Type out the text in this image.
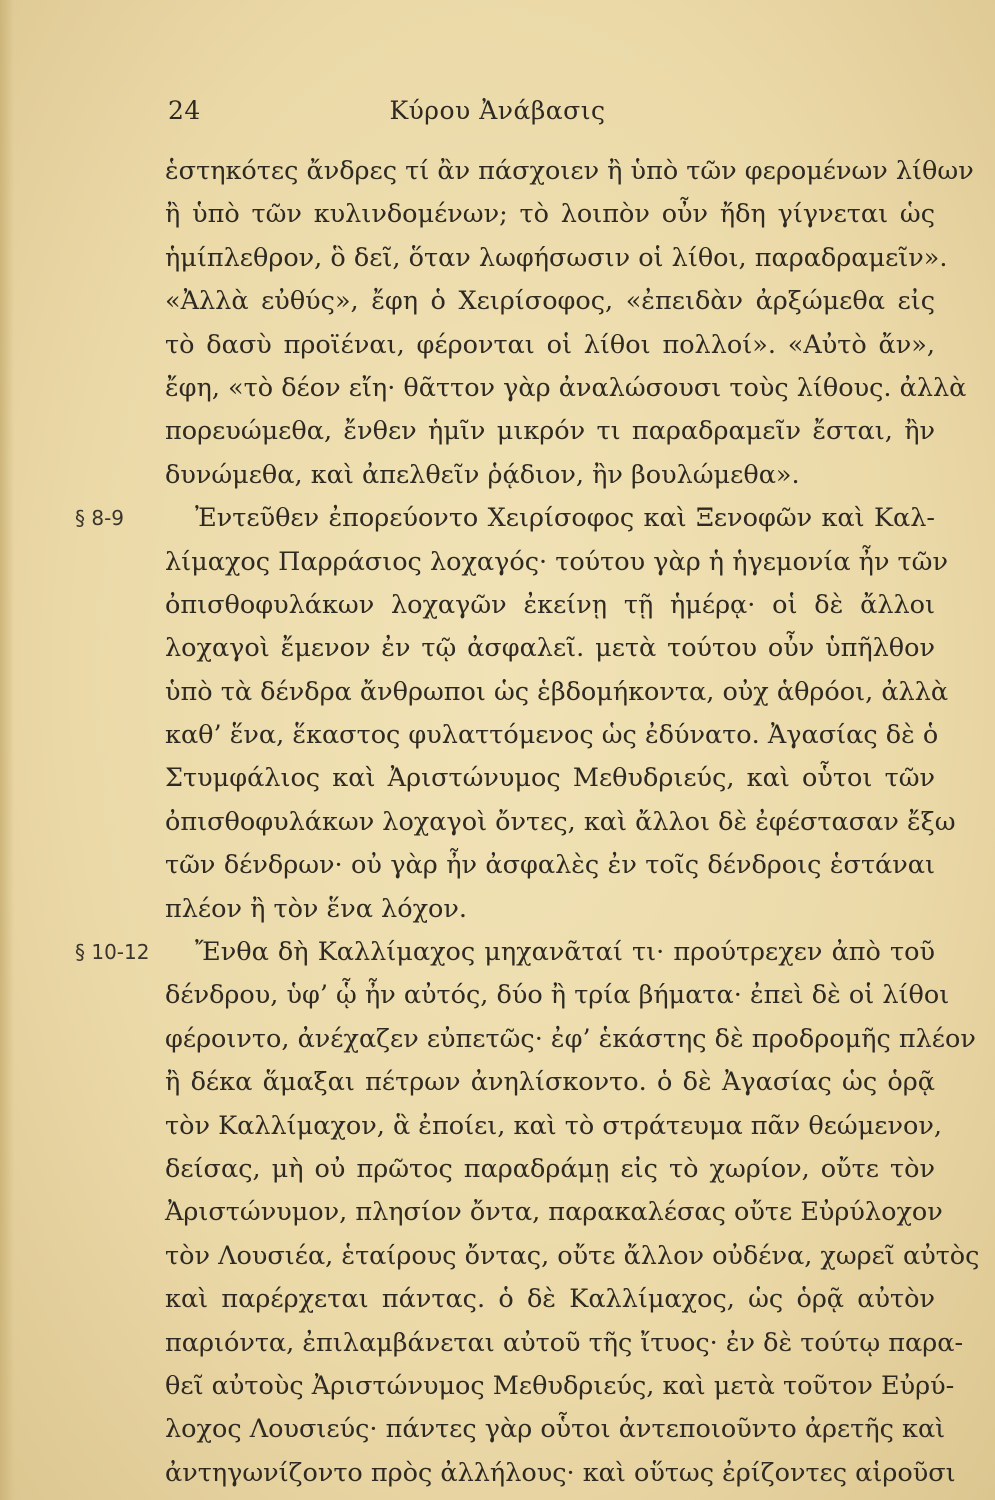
24	Κύρου Ἀνάβασις
ἑστηκότες ἄνδρες τί ἂν πάσχοιεν ἢ ὑπὸ τῶν φερομένων λίθων
ἢ ὑπὸ τῶν κυλινδομένων; τὸ λοιπὸν οὖν ἤδη γίγνεται ὡς
ἡμίπλεθρον, ὃ δεῖ, ὅταν λωφήσωσιν οἱ λίθοι, παραδραμεῖν».
«Ἀλλὰ εὐθύς», ἔφη ὁ Χειρίσοφος, «ἐπειδὰν ἀρξώμεθα εἰς
τὸ δασὺ προϊέναι, φέρονται οἱ λίθοι πολλοί». «Αὐτὸ ἄν»,
ἔφη, «τὸ δέον εἴη· θᾶττον γὰρ ἀναλώσουσι τοὺς λίθους. ἀλλὰ
πορευώμεθα, ἔνθεν ἡμῖν μικρόν τι παραδραμεῖν ἔσται, ἢν
δυνώμεθα, καὶ ἀπελθεῖν ῥᾴδιον, ἢν βουλώμεθα».
§ 8-9	Ἐντεῦθεν ἐπορεύοντο Χειρίσοφος καὶ Ξενοφῶν καὶ Καλ-
λίμαχος Παρράσιος λοχαγός· τούτου γὰρ ἡ ἡγεμονία ἦν τῶν
ὀπισθοφυλάκων λοχαγῶν ἐκείνῃ τῇ ἡμέρᾳ· οἱ δὲ ἄλλοι
λοχαγοὶ ἔμενον ἐν τῷ ἀσφαλεῖ. μετὰ τούτου οὖν ὑπῆλθον
ὑπὸ τὰ δένδρα ἄνθρωποι ὡς ἑβδομήκοντα, οὐχ ἁθρόοι, ἀλλὰ
καθ’ ἕνα, ἕκαστος φυλαττόμενος ὡς ἐδύνατο. Ἀγασίας δὲ ὁ
Στυμφάλιος καὶ Ἀριστώνυμος Μεθυδριεύς, καὶ οὗτοι τῶν
ὀπισθοφυλάκων λοχαγοὶ ὄντες, καὶ ἄλλοι δὲ ἐφέστασαν ἔξω
τῶν δένδρων· οὐ γὰρ ἦν ἀσφαλὲς ἐν τοῖς δένδροις ἑστάναι
πλέον ἢ τὸν ἕνα λόχον.
§ 10-12 Ἔνθα δὴ Καλλίμαχος μηχανᾶταί τι· προύτρεχεν ἀπὸ τοῦ
δένδρου, ὑφ’ ᾧ ἦν αὐτός, δύο ἢ τρία βήματα· ἐπεὶ δὲ οἱ λίθοι
φέροιντο, ἀνέχαζεν εὐπετῶς· ἐφ’ ἑκάστης δὲ προδρομῆς πλέον
ἢ δέκα ἅμαξαι πέτρων ἀνηλίσκοντο. ὁ δὲ Ἀγασίας ὡς ὁρᾷ
τὸν Καλλίμαχον, ἃ ἐποίει, καὶ τὸ στράτευμα πᾶν θεώμενον,
δείσας, μὴ οὐ πρῶτος παραδράμῃ εἰς τὸ χωρίον, οὔτε τὸν
Ἀριστώνυμον, πλησίον ὄντα, παρακαλέσας οὔτε Εὐρύλοχον
τὸν Λουσιέα, ἑταίρους ὄντας, οὔτε ἄλλον οὐδένα, χωρεῖ αὐτὸς
καὶ παρέρχεται πάντας. ὁ δὲ Καλλίμαχος, ὡς ὁρᾷ αὐτὸν
παριόντα, ἐπιλαμβάνεται αὐτοῦ τῆς ἴτυος· ἐν δὲ τούτῳ παρα-
θεῖ αὐτοὺς Ἀριστώνυμος Μεθυδριεύς, καὶ μετὰ τοῦτον Εὐρύ-
λοχος Λουσιεύς· πάντες γὰρ οὗτοι ἀντεποιοῦντο ἀρετῆς καὶ
ἀντηγωνίζοντο πρὸς ἀλλήλους· καὶ οὕτως ἐρίζοντες αἱροῦσι
